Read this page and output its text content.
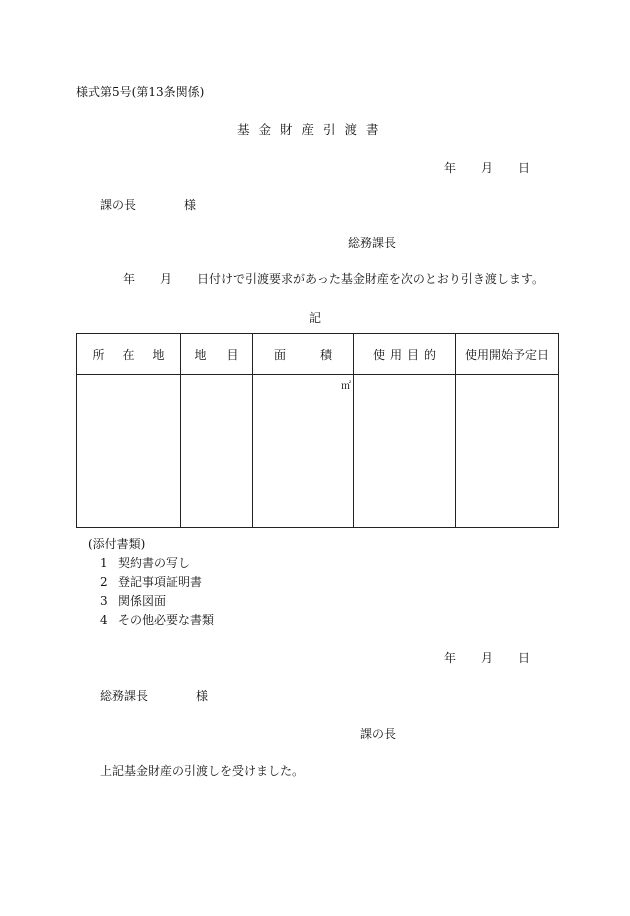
様式第5号(第13条関係)
基金財産引渡書
年 月 日
課の長	様
総務課長
年 月 日付けで引渡要求があった基金財産を次のとおり引き渡します。
記
所在地	地目	面積	使用目的	使用開始予定日

		㎡		

(添付書類)
1 契約書の写し
2 登記事項証明書
3 関係図面
4 その他必要な書類
年 月 日
総務課長	様
課の長
上記基金財産の引渡しを受けました。
